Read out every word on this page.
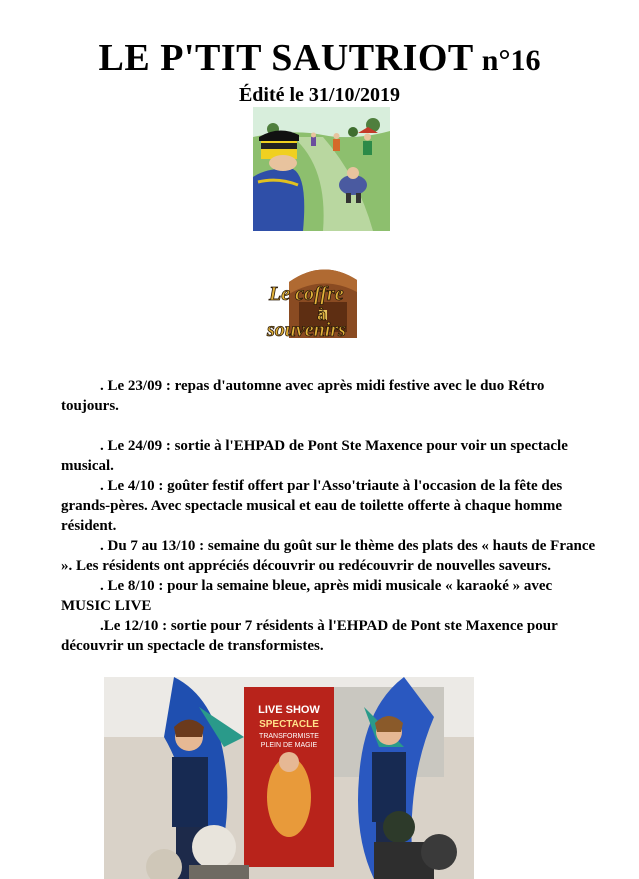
LE P'TIT SAUTRIOT n°16
Édité le 31/10/2019
Le coffre
à
souvenirs

. Le 23/09 : repas d'automne avec après midi festive avec le duo Rétro toujours.

. Le 24/09 : sortie à l'EHPAD de Pont Ste Maxence pour voir un spectacle musical.

. Le 4/10 : goûter festif offert par l'Asso'triaute à l'occasion de la fête des grands-pères. Avec spectacle musical et eau de toilette offerte à chaque homme résident.

. Du 7 au 13/10 : semaine du goût sur le thème des plats des « hauts de France ». Les résidents ont appréciés découvrir ou redécouvrir de nouvelles saveurs.

. Le 8/10 : pour la semaine bleue, après midi musicale « karaoké » avec MUSIC LIVE

.Le 12/10 : sortie pour 7 résidents à l'EHPAD de Pont ste Maxence pour découvrir un spectacle de transformistes.

LIVE SHOW
SPECTACLE
TRANSFORMISTE
PLEIN DE MAGIE
